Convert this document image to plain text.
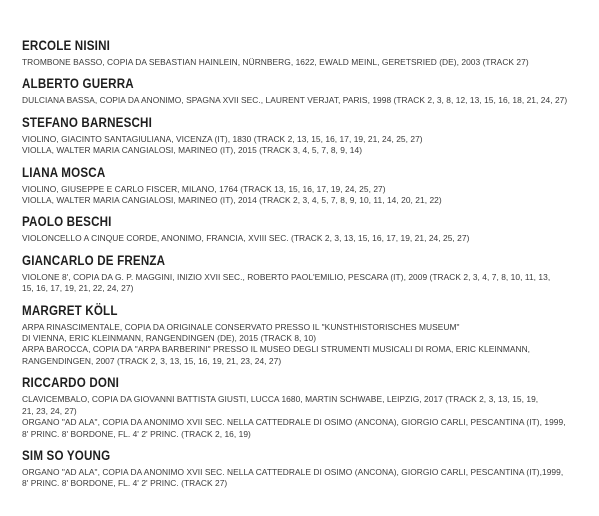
ERCOLE NISINI
TROMBONE BASSO, COPIA DA SEBASTIAN HAINLEIN, NÜRNBERG, 1622, EWALD MEINL, GERETSRIED (DE), 2003 (TRACK 27)
ALBERTO GUERRA
DULCIANA BASSA, COPIA DA ANONIMO, SPAGNA XVII SEC., LAURENT VERJAT, PARIS, 1998 (TRACK 2, 3, 8, 12, 13, 15, 16, 18, 21, 24, 27)
STEFANO BARNESCHI
VIOLINO, GIACINTO SANTAGIULIANA, VICENZA (IT), 1830 (TRACK 2, 13, 15, 16, 17, 19, 21, 24, 25, 27)
VIOLLA, WALTER MARIA CANGIALOSI, MARINEO (IT), 2015 (TRACK 3, 4, 5, 7, 8, 9, 14)
LIANA MOSCA
VIOLINO, GIUSEPPE E CARLO FISCER, MILANO, 1764 (TRACK 13, 15, 16, 17, 19, 24, 25, 27)
VIOLLA, WALTER MARIA CANGIALOSI, MARINEO (IT), 2014 (TRACK 2, 3, 4, 5, 7, 8, 9, 10, 11, 14, 20, 21, 22)
PAOLO BESCHI
VIOLONCELLO A CINQUE CORDE, ANONIMO, FRANCIA, XVIII SEC. (TRACK 2, 3, 13, 15, 16, 17, 19, 21, 24, 25, 27)
GIANCARLO DE FRENZA
VIOLONE 8', COPIA DA G. P. MAGGINI, INIZIO XVII SEC., ROBERTO PAOL'EMILIO, PESCARA (IT), 2009 (TRACK 2, 3, 4, 7, 8, 10, 11, 13,
15, 16, 17, 19, 21, 22, 24, 27)
MARGRET KÖLL
ARPA RINASCIMENTALE, COPIA DA ORIGINALE CONSERVATO PRESSO IL "KUNSTHISTORISCHES MUSEUM"
DI VIENNA, ERIC KLEINMANN, RANGENDINGEN (DE), 2015 (TRACK 8, 10)
ARPA BAROCCA, COPIA DA "ARPA BARBERINI" PRESSO IL MUSEO DEGLI STRUMENTI MUSICALI DI ROMA, ERIC KLEINMANN,
RANGENDINGEN, 2007 (TRACK 2, 3, 13, 15, 16, 19, 21, 23, 24, 27)
RICCARDO DONI
CLAVICEMBALO, COPIA DA GIOVANNI BATTISTA GIUSTI, LUCCA 1680, MARTIN SCHWABE, LEIPZIG, 2017 (TRACK 2, 3, 13, 15, 19,
21, 23, 24, 27)
ORGANO "AD ALA", COPIA DA ANONIMO XVII SEC. NELLA CATTEDRALE DI OSIMO (ANCONA), GIORGIO CARLI, PESCANTINA (IT), 1999,
8' PRINC. 8' BORDONE, FL. 4' 2' PRINC. (TRACK 2, 16, 19)
SIM SO YOUNG
ORGANO "AD ALA", COPIA DA ANONIMO XVII SEC. NELLA CATTEDRALE DI OSIMO (ANCONA), GIORGIO CARLI, PESCANTINA (IT),1999,
8' PRINC. 8' BORDONE, FL. 4' 2' PRINC. (TRACK 27)
